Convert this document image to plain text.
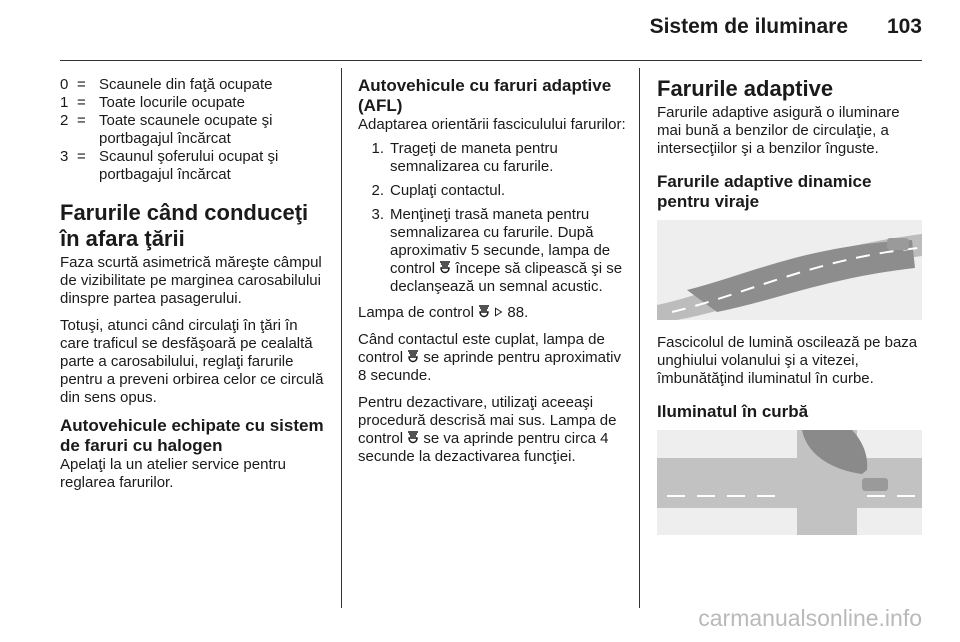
Sistem de iluminare 103
0 = Scaunele din faţă ocupate
1 = Toate locurile ocupate
2 = Toate scaunele ocupate şi portbagajul încărcat
3 = Scaunul şoferului ocupat şi portbagajul încărcat
Farurile când conduceţi în afara ţării

Faza scurtă asimetrică măreşte câmpul de vizibilitate pe marginea carosabilului dinspre partea pasagerului.

Totuşi, atunci când circulaţi în ţări în care traficul se desfăşoară pe cealaltă parte a carosabilului, reglaţi farurile pentru a preveni orbirea celor ce circulă din sens opus.

Autovehicule echipate cu sistem de faruri cu halogen

Apelaţi la un atelier service pentru reglarea farurilor.

Autovehicule cu faruri adaptive (AFL)

Adaptarea orientării fasciculului farurilor:

1. Trageţi de maneta pentru semnalizarea cu farurile.
2. Cuplaţi contactul.
3. Menţineţi trasă maneta pentru semnalizarea cu farurile. După aproximativ 5 secunde, lampa de control începe să clipească şi se declanşează un semnal acustic.

Lampa de control 88.

Când contactul este cuplat, lampa de control se aprinde pentru aproximativ 8 secunde.

Pentru dezactivare, utilizaţi aceeaşi procedură descrisă mai sus. Lampa de control se va aprinde pentru circa 4 secunde la dezactivarea funcţiei.

Farurile adaptive

Farurile adaptive asigură o iluminare mai bună a benzilor de circulaţie, a intersecţiilor şi a benzilor înguste.

Farurile adaptive dinamice pentru viraje

Fascicolul de lumină oscilează pe baza unghiului volanului şi a vitezei, îmbunătăţind iluminatul în curbe.

Iluminatul în curbă
carmanualsonline.info
